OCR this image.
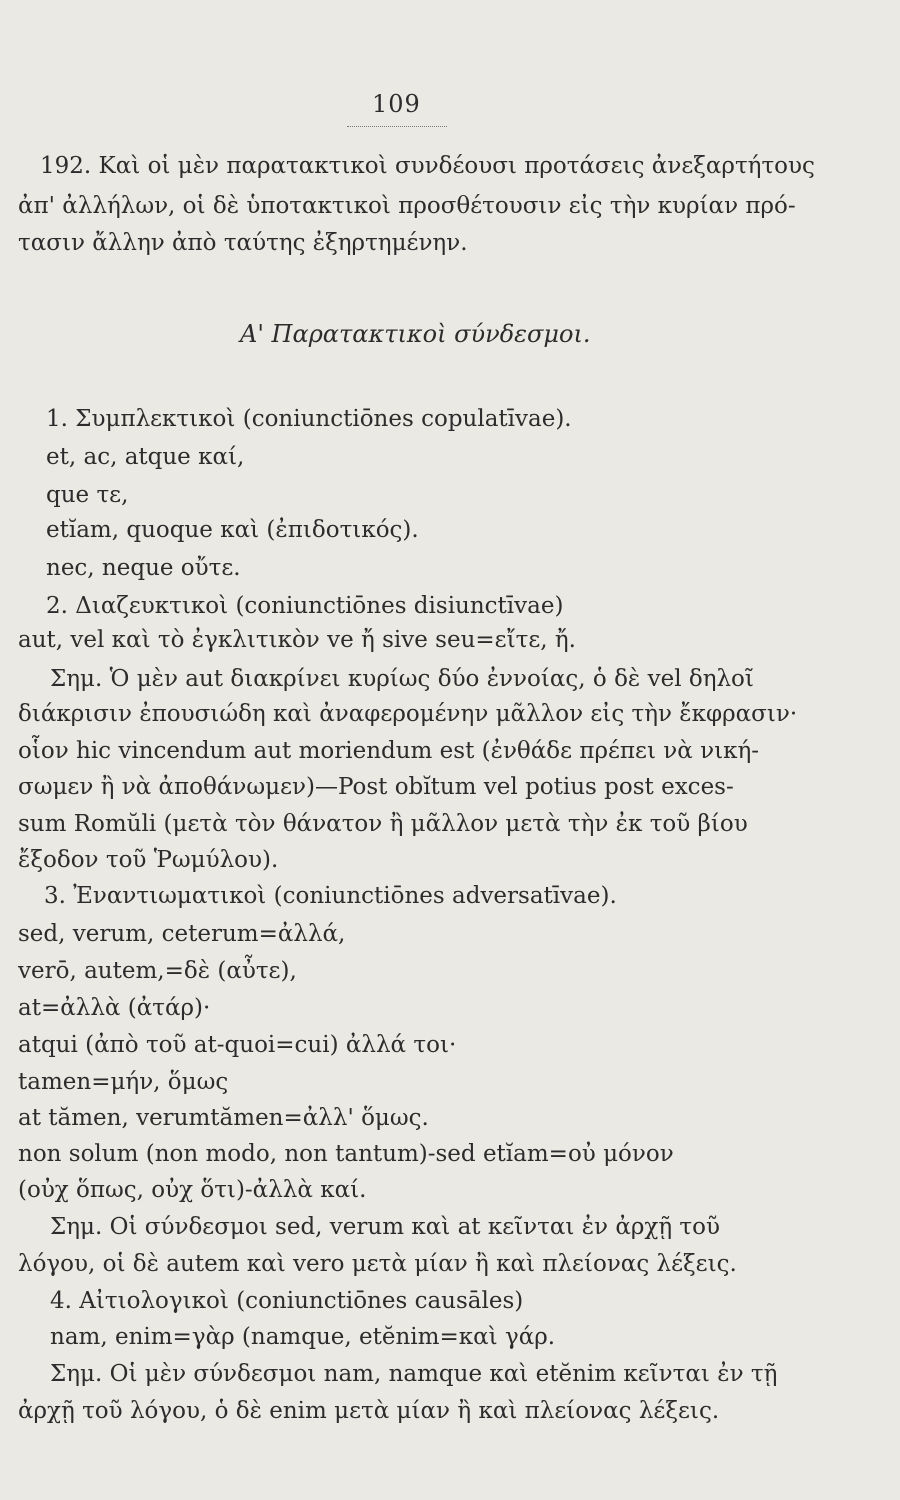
109
192. Καὶ οἱ μὲν παρατακτικοὶ συνδέουσι προτάσεις ἀνεξαρτήτους
ἀπ' ἀλλήλων, οἱ δὲ ὑποτακτικοὶ προσθέτουσιν εἰς τὴν κυρίαν πρό-
τασιν ἄλλην ἀπὸ ταύτης ἐξηρτημένην.
Α' Παρατακτικοὶ σύνδεσμοι.
1. Συμπλεκτικοὶ (coniunctiōnes copulatīvae).
et, ac, atque καί,
que τε,
etĭam, quoque καὶ (ἐπιδοτικός).
nec, neque οὔτε.
2. Διαζευκτικοὶ (coniunctiōnes disiunctīvae)
aut, vel καὶ τὸ ἐγκλιτικὸν ve ἤ sive seu=εἴτε, ἤ.
Σημ. Ὁ μὲν aut διακρίνει κυρίως δύο ἐννοίας, ὁ δὲ vel δηλοῖ
διάκρισιν ἐπουσιώδη καὶ ἀναφερομένην μᾶλλον εἰς τὴν ἔκφρασιν·
οἷον hic vincendum aut moriendum est (ἐνθάδε πρέπει νὰ νική-
σωμεν ἢ νὰ ἀποθάνωμεν)—Post obĭtum vel potius post exces-
sum Romŭli (μετὰ τὸν θάνατον ἢ μᾶλλον μετὰ τὴν ἐκ τοῦ βίου
ἔξοδον τοῦ Ῥωμύλου).
3. Ἐναντιωματικοὶ (coniunctiōnes adversatīvae).
sed, verum, ceterum=ἀλλά,
verō, autem,=δὲ (αὖτε),
at=ἀλλὰ (ἀτάρ)·
atqui (ἀπὸ τοῦ at-quoi=cui) ἀλλά τοι·
tamen=μήν, ὅμως
at tămen, verumtămen=ἀλλ' ὅμως.
non solum (non modo, non tantum)-sed etĭam=οὐ μόνον
(οὐχ ὅπως, οὐχ ὅτι)-ἀλλὰ καί.
Σημ. Οἱ σύνδεσμοι sed, verum καὶ at κεῖνται ἐν ἀρχῇ τοῦ
λόγου, οἱ δὲ autem καὶ vero μετὰ μίαν ἢ καὶ πλείονας λέξεις.
4. Αἰτιολογικοὶ (coniunctiōnes causāles)
nam, enim=γὰρ (namque, etĕnim=καὶ γάρ.
Σημ. Οἱ μὲν σύνδεσμοι nam, namque καὶ etĕnim κεῖνται ἐν τῇ
ἀρχῇ τοῦ λόγου, ὁ δὲ enim μετὰ μίαν ἢ καὶ πλείονας λέξεις.
